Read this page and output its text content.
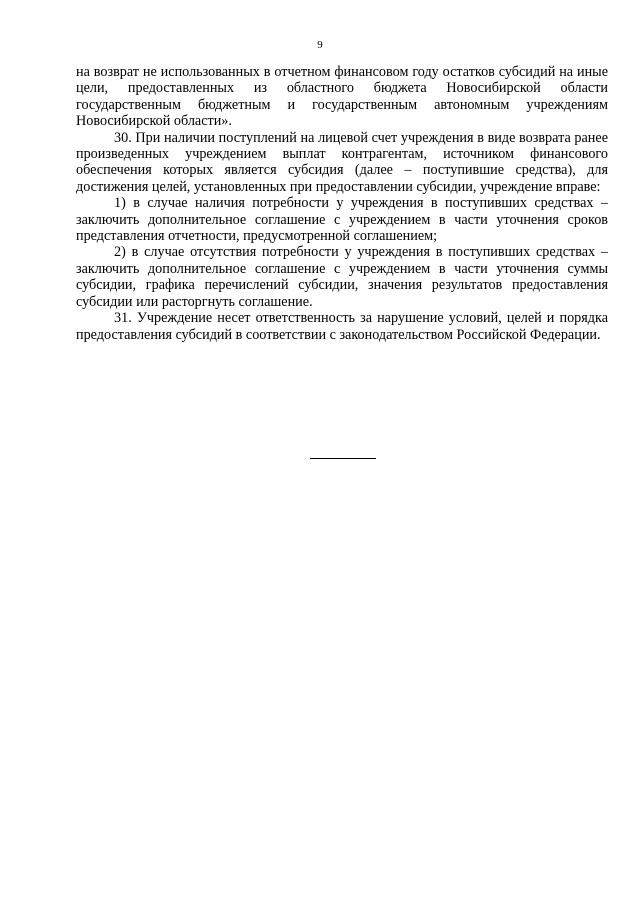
9

на возврат не использованных в отчетном финансовом году остатков субсидий на иные цели, предоставленных из областного бюджета Новосибирской области государственным бюджетным и государственным автономным учреждениям Новосибирской области».

30. При наличии поступлений на лицевой счет учреждения в виде возврата ранее произведенных учреждением выплат контрагентам, источником финансового обеспечения которых является субсидия (далее – поступившие средства), для достижения целей, установленных при предоставлении субсидии, учреждение вправе:

1) в случае наличия потребности у учреждения в поступивших средствах – заключить дополнительное соглашение с учреждением в части уточнения сроков представления отчетности, предусмотренной соглашением;

2) в случае отсутствия потребности у учреждения в поступивших средствах – заключить дополнительное соглашение с учреждением в части уточнения суммы субсидии, графика перечислений субсидии, значения результатов предоставления субсидии или расторгнуть соглашение.

31. Учреждение несет ответственность за нарушение условий, целей и порядка предоставления субсидий в соответствии с законодательством Российской Федерации.
